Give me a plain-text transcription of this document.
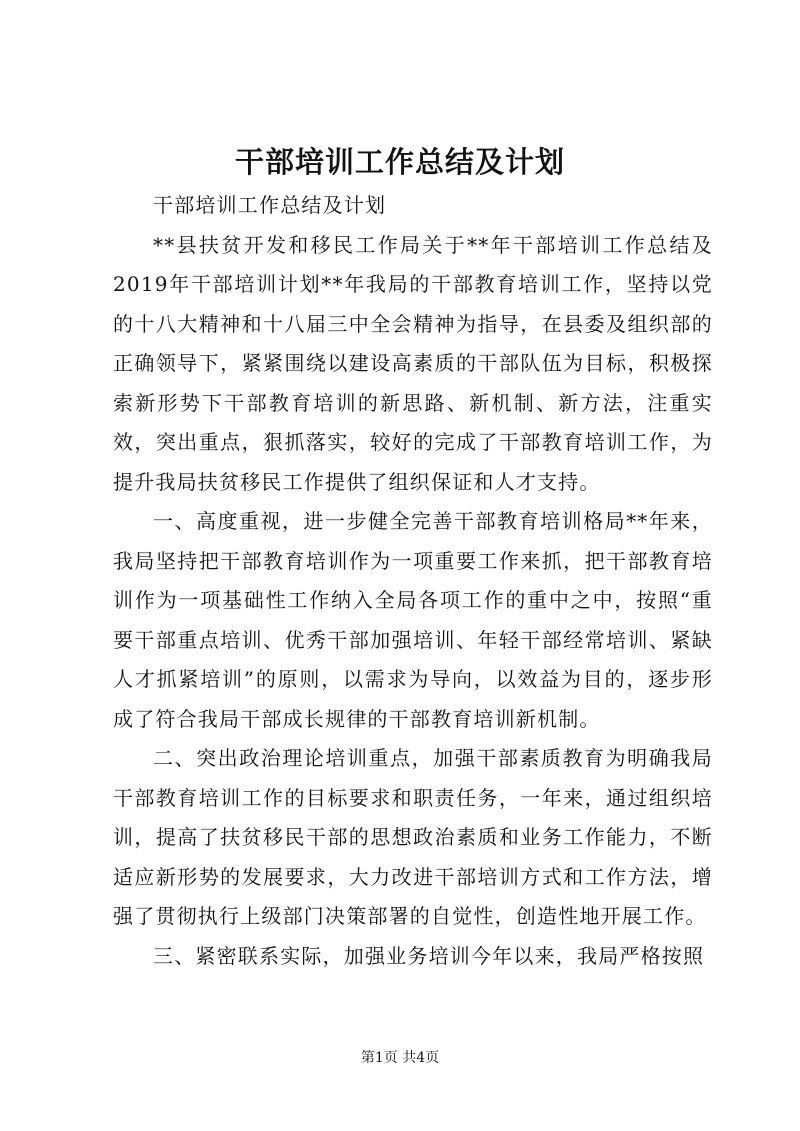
干部培训工作总结及计划

干部培训工作总结及计划

**县扶贫开发和移民工作局关于**年干部培训工作总结及2019年干部培训计划**年我局的干部教育培训工作，坚持以党的十八大精神和十八届三中全会精神为指导，在县委及组织部的正确领导下，紧紧围绕以建设高素质的干部队伍为目标，积极探索新形势下干部教育培训的新思路、新机制、新方法，注重实效，突出重点，狠抓落实，较好的完成了干部教育培训工作，为提升我局扶贫移民工作提供了组织保证和人才支持。

一、高度重视，进一步健全完善干部教育培训格局**年来，我局坚持把干部教育培训作为一项重要工作来抓，把干部教育培训作为一项基础性工作纳入全局各项工作的重中之中，按照“重要干部重点培训、优秀干部加强培训、年轻干部经常培训、紧缺人才抓紧培训”的原则，以需求为导向，以效益为目的，逐步形成了符合我局干部成长规律的干部教育培训新机制。

二、突出政治理论培训重点，加强干部素质教育为明确我局干部教育培训工作的目标要求和职责任务，一年来，通过组织培训，提高了扶贫移民干部的思想政治素质和业务工作能力，不断适应新形势的发展要求，大力改进干部培训方式和工作方法，增强了贯彻执行上级部门决策部署的自觉性，创造性地开展工作。

三、紧密联系实际，加强业务培训今年以来，我局严格按照

第1页 共4页
